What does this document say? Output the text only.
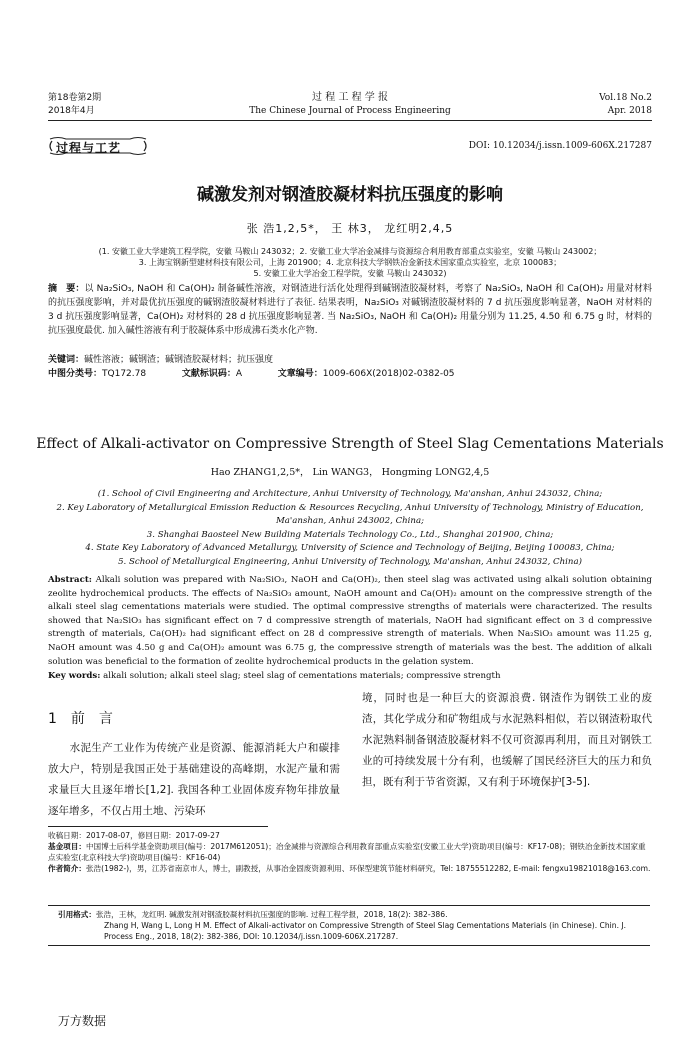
第18卷第2期
2018年4月
过 程 工 程 学 报
The Chinese Journal of Process Engineering
Vol.18 No.2
Apr. 2018
过程与工艺	DOI: 10.12034/j.issn.1009-606X.217287
碱激发剂对钢渣胶凝材料抗压强度的影响
张 浩1,2,5*， 王 林3， 龙红明2,4,5
(1. 安徽工业大学建筑工程学院，安徽 马鞍山 243032；2. 安徽工业大学冶金减排与资源综合利用教育部重点实验室，安徽 马鞍山 243002；
3. 上海宝钢新型建材科技有限公司，上海 201900；4. 北京科技大学钢铁冶金新技术国家重点实验室，北京 100083；
5. 安徽工业大学冶金工程学院，安徽 马鞍山 243032)
摘　要：以 Na₂SiO₃, NaOH 和 Ca(OH)₂ 制备碱性溶液，对钢渣进行活化处理得到碱钢渣胶凝材料，考察了 Na₂SiO₃, NaOH 和 Ca(OH)₂ 用量对材料的抗压强度影响，并对最优抗压强度的碱钢渣胶凝材料进行了表征. 结果表明，Na₂SiO₃ 对碱钢渣胶凝材料的 7 d 抗压强度影响显著，NaOH 对材料的 3 d 抗压强度影响显著，Ca(OH)₂ 对材料的 28 d 抗压强度影响显著. 当 Na₂SiO₃, NaOH 和 Ca(OH)₂ 用量分别为 11.25, 4.50 和 6.75 g 时，材料的抗压强度最优. 加入碱性溶液有利于胶凝体系中形成沸石类水化产物.
关键词：碱性溶液；碱钢渣；碱钢渣胶凝材料；抗压强度
中图分类号：TQ172.78	文献标识码：A	文章编号：1009-606X(2018)02-0382-05
Effect of Alkali-activator on Compressive Strength of Steel Slag Cementations Materials
Hao ZHANG1,2,5*， Lin WANG3， Hongming LONG2,4,5
(1. School of Civil Engineering and Architecture, Anhui University of Technology, Ma'anshan, Anhui 243032, China;
2. Key Laboratory of Metallurgical Emission Reduction & Resources Recycling, Anhui University of Technology, Ministry of Education,
Ma'anshan, Anhui 243002, China;
3. Shanghai Baosteel New Building Materials Technology Co., Ltd., Shanghai 201900, China;
4. State Key Laboratory of Advanced Metallurgy, University of Science and Technology of Beijing, Beijing 100083, China;
5. School of Metallurgical Engineering, Anhui University of Technology, Ma'anshan, Anhui 243032, China)
Abstract: Alkali solution was prepared with Na₂SiO₃, NaOH and Ca(OH)₂, then steel slag was activated using alkali solution obtaining zeolite hydrochemical products. The effects of Na₂SiO₃ amount, NaOH amount and Ca(OH)₂ amount on the compressive strength of the alkali steel slag cementations materials were studied. The optimal compressive strengths of materials were characterized. The results showed that Na₂SiO₃ has significant effect on 7 d compressive strength of materials, NaOH had significant effect on 3 d compressive strength of materials, Ca(OH)₂ had significant effect on 28 d compressive strength of materials. When Na₂SiO₃ amount was 11.25 g, NaOH amount was 4.50 g and Ca(OH)₂ amount was 6.75 g, the compressive strength of materials was the best. The addition of alkali solution was beneficial to the formation of zeolite hydrochemical products in the gelation system.
Key words: alkali solution; alkali steel slag; steel slag of cementations materials; compressive strength
1　前　言
　　水泥生产工业作为传统产业是资源、能源消耗大户和碳排放大户，特别是我国正处于基础建设的高峰期，水泥产量和需求量巨大且逐年增长[1,2]. 我国各种工业固体废弃物年排放量逐年增多，不仅占用土地、污染环
境，同时也是一种巨大的资源浪费. 钢渣作为钢铁工业的废渣，其化学成分和矿物组成与水泥熟料相似，若以钢渣粉取代水泥熟料制备钢渣胶凝材料不仅可资源再利用，而且对钢铁工业的可持续发展十分有利，也缓解了国民经济巨大的压力和负担，既有利于节省资源，又有利于环境保护[3-5].
收稿日期：2017-08-07，修回日期：2017-09-27
基金项目：中国博士后科学基金资助项目(编号：2017M612051)；冶金减排与资源综合利用教育部重点实验室(安徽工业大学)资助项目(编号：KF17-08)；钢铁冶金新技术国家重点实验室(北京科技大学)资助项目(编号：KF16-04)
作者简介：张浩(1982-)，男，江苏省南京市人，博士，副教授，从事冶金固废资源利用、环保型建筑节能材料研究，Tel: 18755512282, E-mail: fengxu19821018@163.com.
引用格式：张浩，王林，龙红明. 碱激发剂对钢渣胶凝材料抗压强度的影响. 过程工程学报，2018, 18(2): 382-386.
Zhang H, Wang L, Long H M. Effect of Alkali-activator on Compressive Strength of Steel Slag Cementations Materials (in Chinese). Chin. J. Process Eng., 2018, 18(2): 382-386, DOI: 10.12034/j.issn.1009-606X.217287.
万方数据
